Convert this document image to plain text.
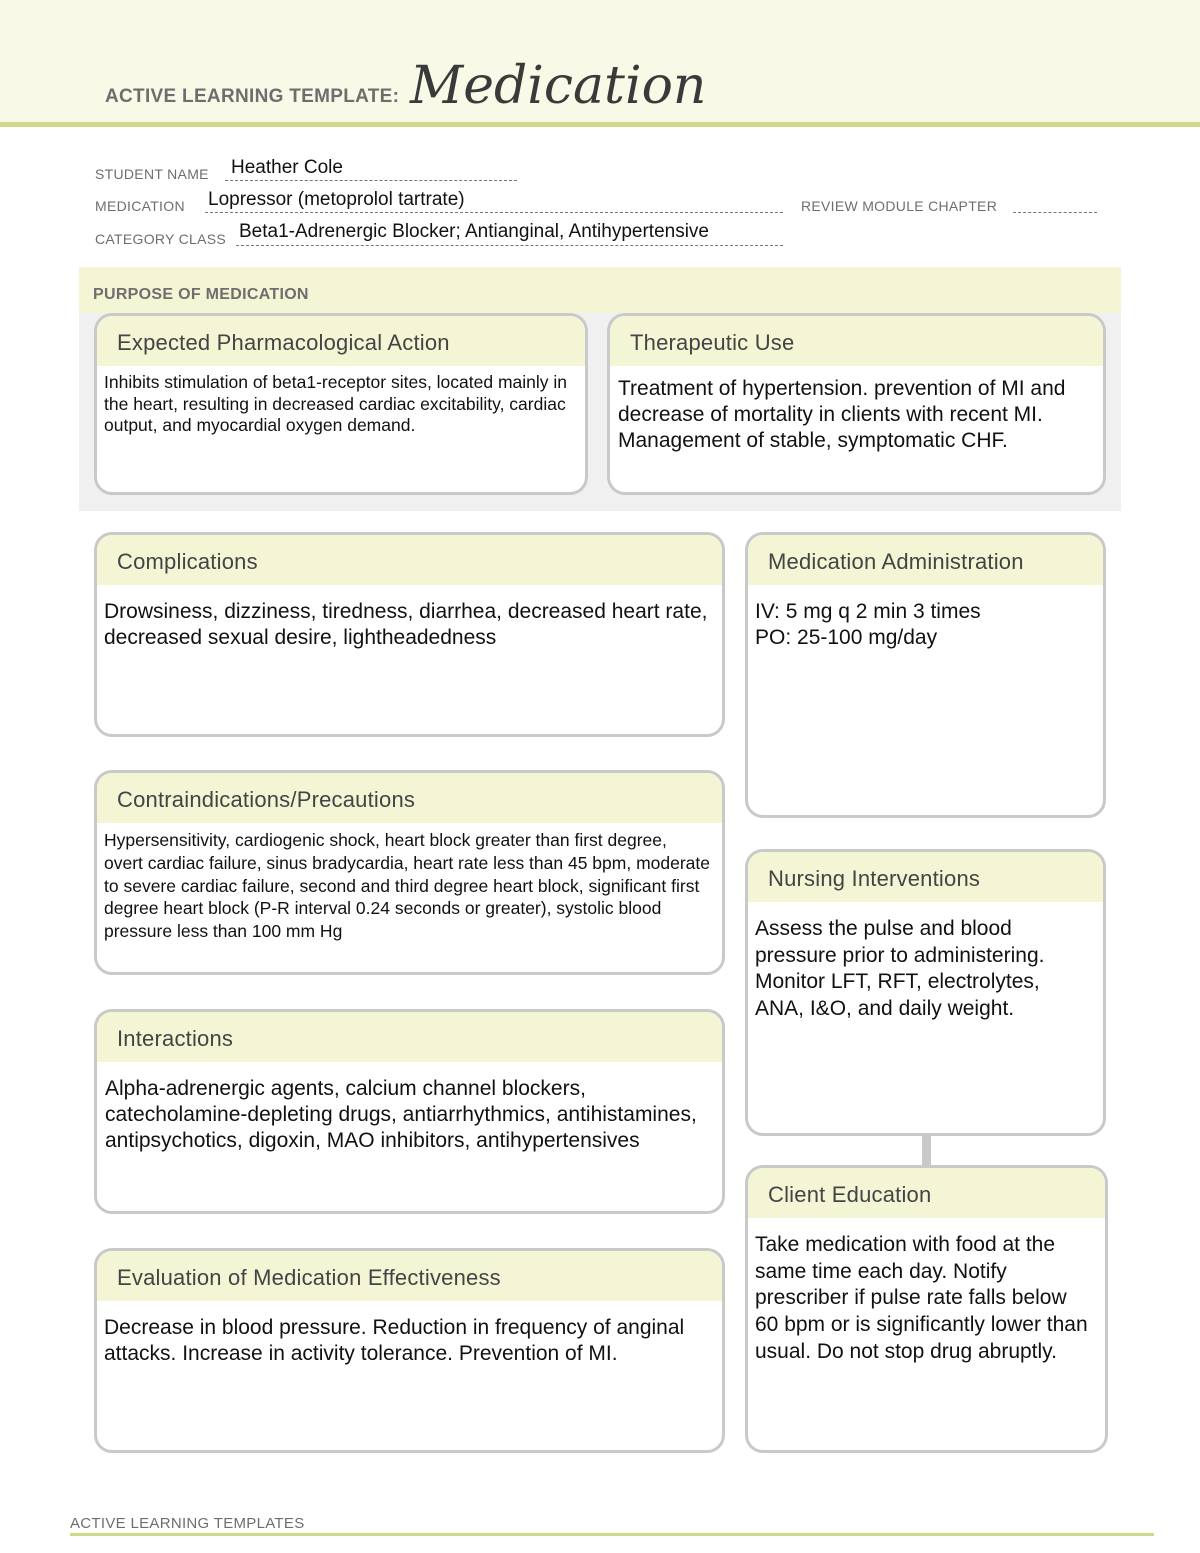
ACTIVE LEARNING TEMPLATE: Medication
STUDENT NAME Heather Cole
MEDICATION Lopressor (metoprolol tartrate)	REVIEW MODULE CHAPTER
CATEGORY CLASS Beta1-Adrenergic Blocker; Antianginal, Antihypertensive
PURPOSE OF MEDICATION
Expected Pharmacological Action
Inhibits stimulation of beta1-receptor sites, located mainly in the heart, resulting in decreased cardiac excitability, cardiac output, and myocardial oxygen demand.
Therapeutic Use
Treatment of hypertension. prevention of MI and decrease of mortality in clients with recent MI. Management of stable, symptomatic CHF.
Complications
Drowsiness, dizziness, tiredness, diarrhea, decreased heart rate, decreased sexual desire, lightheadedness
Medication Administration
IV: 5 mg q 2 min 3 times
PO: 25-100 mg/day
Contraindications/Precautions
Hypersensitivity, cardiogenic shock, heart block greater than first degree, overt cardiac failure, sinus bradycardia, heart rate less than 45 bpm, moderate to severe cardiac failure, second and third degree heart block, significant first degree heart block (P-R interval 0.24 seconds or greater), systolic blood pressure less than 100 mm Hg
Nursing Interventions
Assess the pulse and blood pressure prior to administering. Monitor LFT, RFT, electrolytes, ANA, I&O, and daily weight.
Interactions
Alpha-adrenergic agents, calcium channel blockers, catecholamine-depleting drugs, antiarrhythmics, antihistamines, antipsychotics, digoxin, MAO inhibitors, antihypertensives
Client Education
Take medication with food at the same time each day. Notify prescriber if pulse rate falls below 60 bpm or is significantly lower than usual. Do not stop drug abruptly.
Evaluation of Medication Effectiveness
Decrease in blood pressure. Reduction in frequency of anginal attacks. Increase in activity tolerance. Prevention of MI.
ACTIVE LEARNING TEMPLATES
